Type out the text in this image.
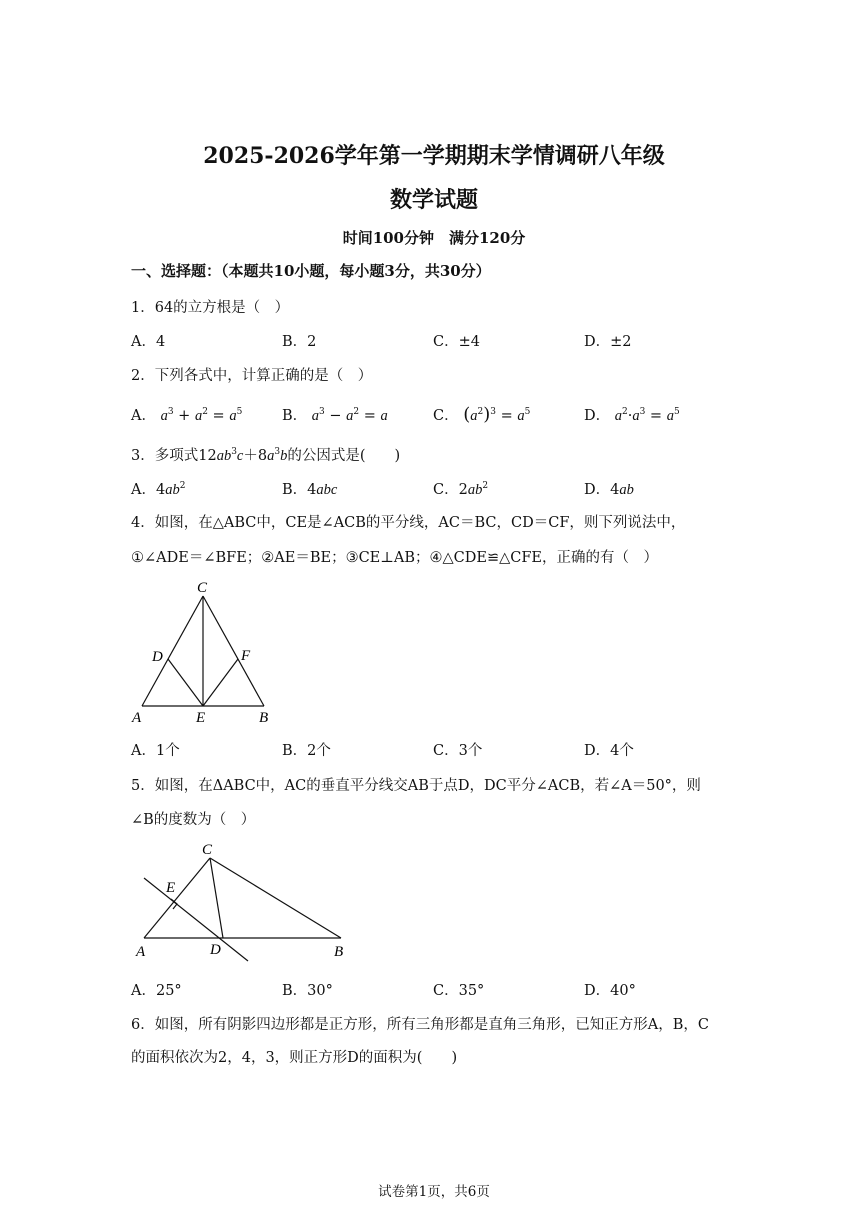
2025-2026学年第一学期期末学情调研八年级
数学试题
时间100分钟　满分120分
一、选择题：（本题共10小题，每小题3分，共30分）
1．64的立方根是（　）
A．4	B．2	C．±4	D．±2
2．下列各式中，计算正确的是（　）
A． $a^3 + a^2 = a^5$	B． $a^3 - a^2 = a$	C． $(a^2)^3 = a^5$	D． $a^2\cdot a^3 = a^5$
3．多项式$12ab^3c+8a^3b$的公因式是(　　)
A．$4ab^2$	B．4abc	C．$2ab^2$	D．4ab
4．如图，在△ABC中，CE是∠ACB的平分线，AC＝BC，CD＝CF，则下列说法中，
①∠ADE＝∠BFE；②AE＝BE；③CE⊥AB；④△CDE≌△CFE，正确的有（　）
C
D	F
A	E	B
A．1个	B．2个	C．3个	D．4个
5．如图，在ΔABC中，AC的垂直平分线交AB于点D，DC平分∠ACB，若∠A＝50°，则
∠B的度数为（　）
C
E
A	D	B
A．25°	B．30°	C．35°	D．40°
6．如图，所有阴影四边形都是正方形，所有三角形都是直角三角形，已知正方形A，B，C
的面积依次为2，4，3，则正方形D的面积为(　　)
试卷第1页，共6页
